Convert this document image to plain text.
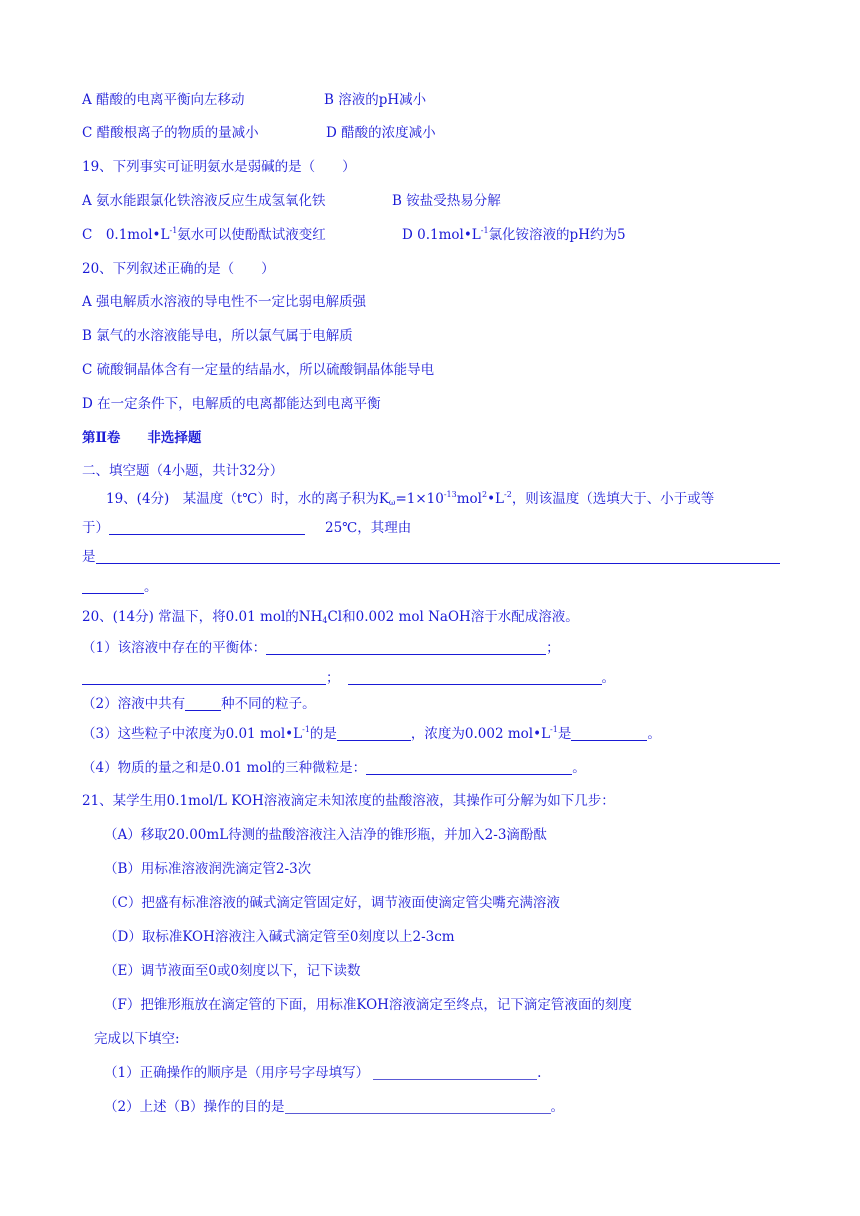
A 醋酸的电离平衡向左移动	B 溶液的pH减小
C 醋酸根离子的物质的量减小	D 醋酸的浓度减小
19、下列事实可证明氨水是弱碱的是（　　）
A 氨水能跟氯化铁溶液反应生成氢氧化铁	B 铵盐受热易分解
C　$0.1mol•L^{-1}$氨水可以使酚酞试液变红	D $0.1mol•L^{-1}$氯化铵溶液的pH约为5
20、下列叙述正确的是（　　）
A 强电解质水溶液的导电性不一定比弱电解质强
B 氯气的水溶液能导电，所以氯气属于电解质
C 硫酸铜晶体含有一定量的结晶水，所以硫酸铜晶体能导电
D 在一定条件下，电解质的电离都能达到电离平衡
第Ⅱ卷　　非选择题
二、填空题（4小题，共计32分）
19、(4分)　某温度（t℃）时，水的离子积为$K_\omega=1\times 10^{-13}mol^2•L^{-2}$，则该温度（选填大于、小于或等
于）	25℃，其理由
是
。
20、(14分) 常温下，将0.01 mol的$NH_4Cl$和0.002 mol NaOH溶于水配成溶液。
（1）该溶液中存在的平衡体：	；
；	。
（2）溶液中共有	种不同的粒子。
（3）这些粒子中浓度为0.01 $mol•L^{-1}$的是	，浓度为0.002 $mol•L^{-1}$是	。
（4）物质的量之和是0.01 mol的三种微粒是：	。
21、某学生用0.1mol/L KOH溶液滴定未知浓度的盐酸溶液，其操作可分解为如下几步：
（A）移取20.00mL待测的盐酸溶液注入洁净的锥形瓶，并加入2-3滴酚酞
（B）用标准溶液润洗滴定管2-3次
（C）把盛有标准溶液的碱式滴定管固定好，调节液面使滴定管尖嘴充满溶液
（D）取标准KOH溶液注入碱式滴定管至0刻度以上2-3cm
（E）调节液面至0或0刻度以下，记下读数
（F）把锥形瓶放在滴定管的下面，用标准KOH溶液滴定至终点，记下滴定管液面的刻度
完成以下填空:
（1）正确操作的顺序是（用序号字母填写）	.
（2）上述（B）操作的目的是	。
